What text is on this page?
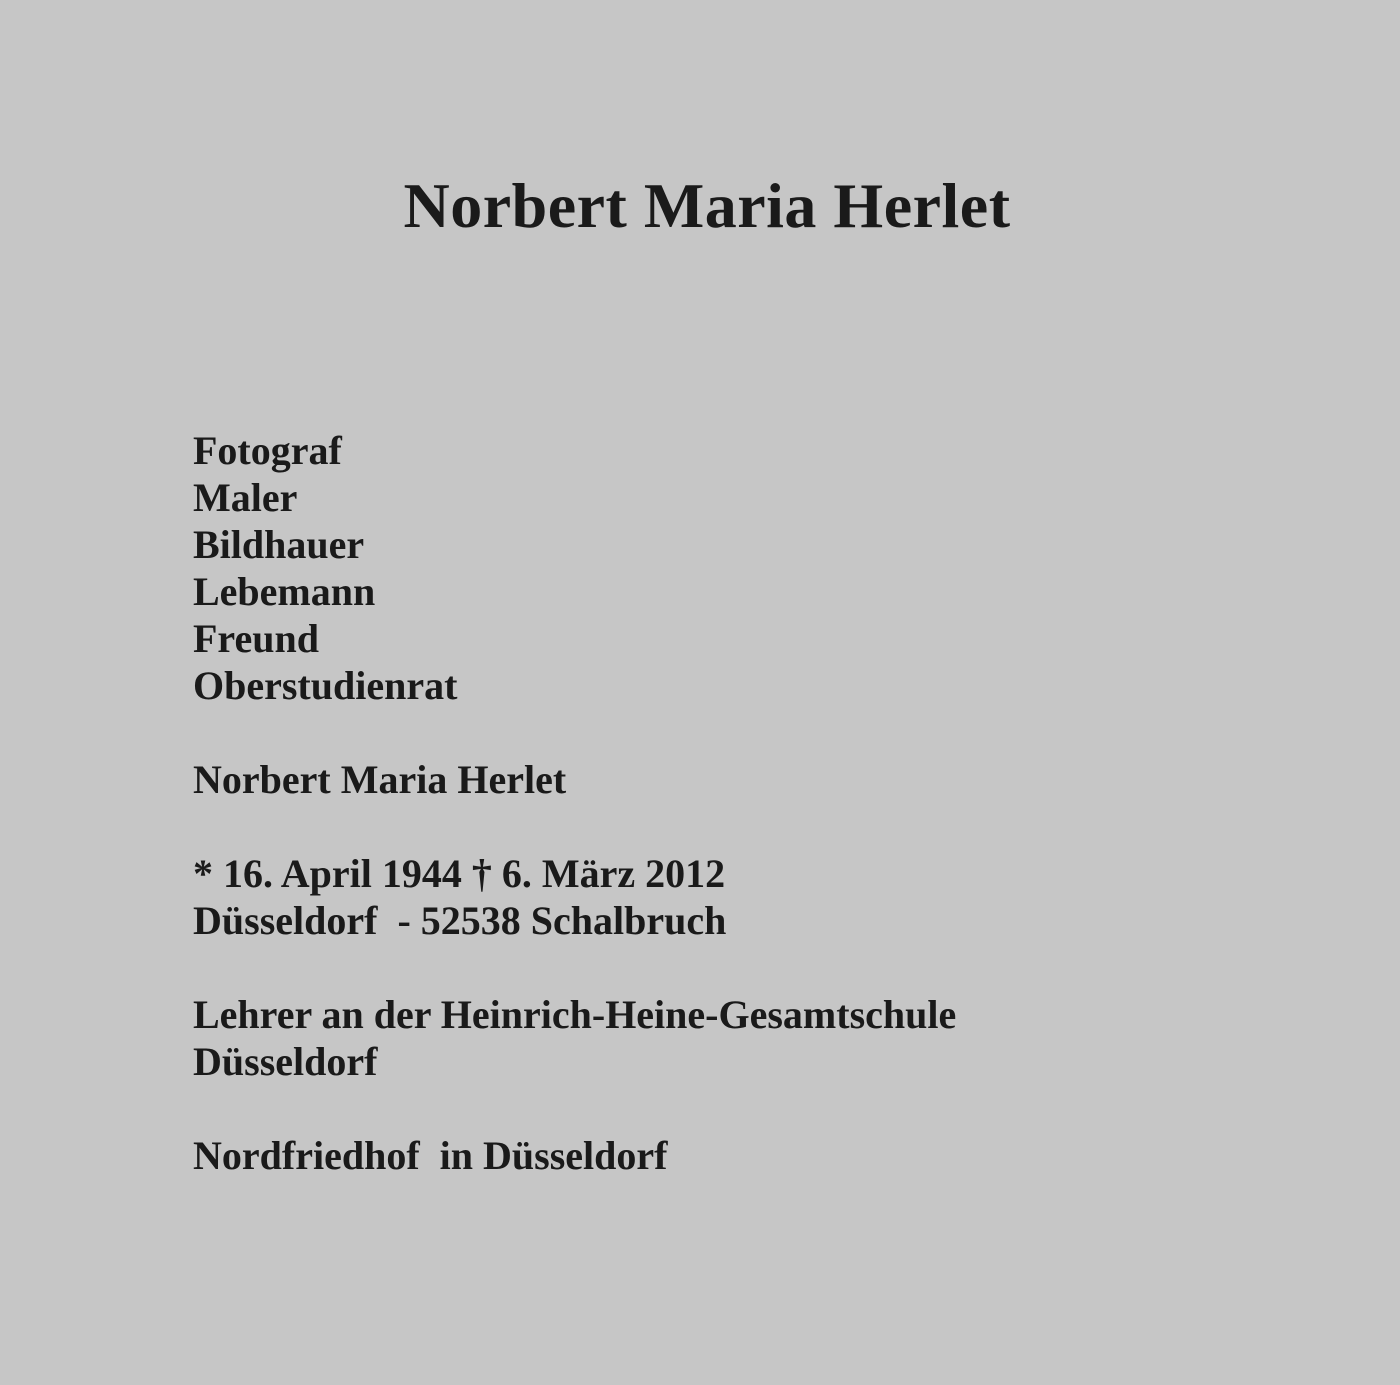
Norbert Maria Herlet
Fotograf
Maler
Bildhauer
Lebemann
Freund
Oberstudienrat
Norbert Maria Herlet
* 16. April 1944 † 6. März 2012
Düsseldorf  - 52538 Schalbruch
Lehrer an der Heinrich-Heine-Gesamtschule
Düsseldorf
Nordfriedhof  in Düsseldorf
